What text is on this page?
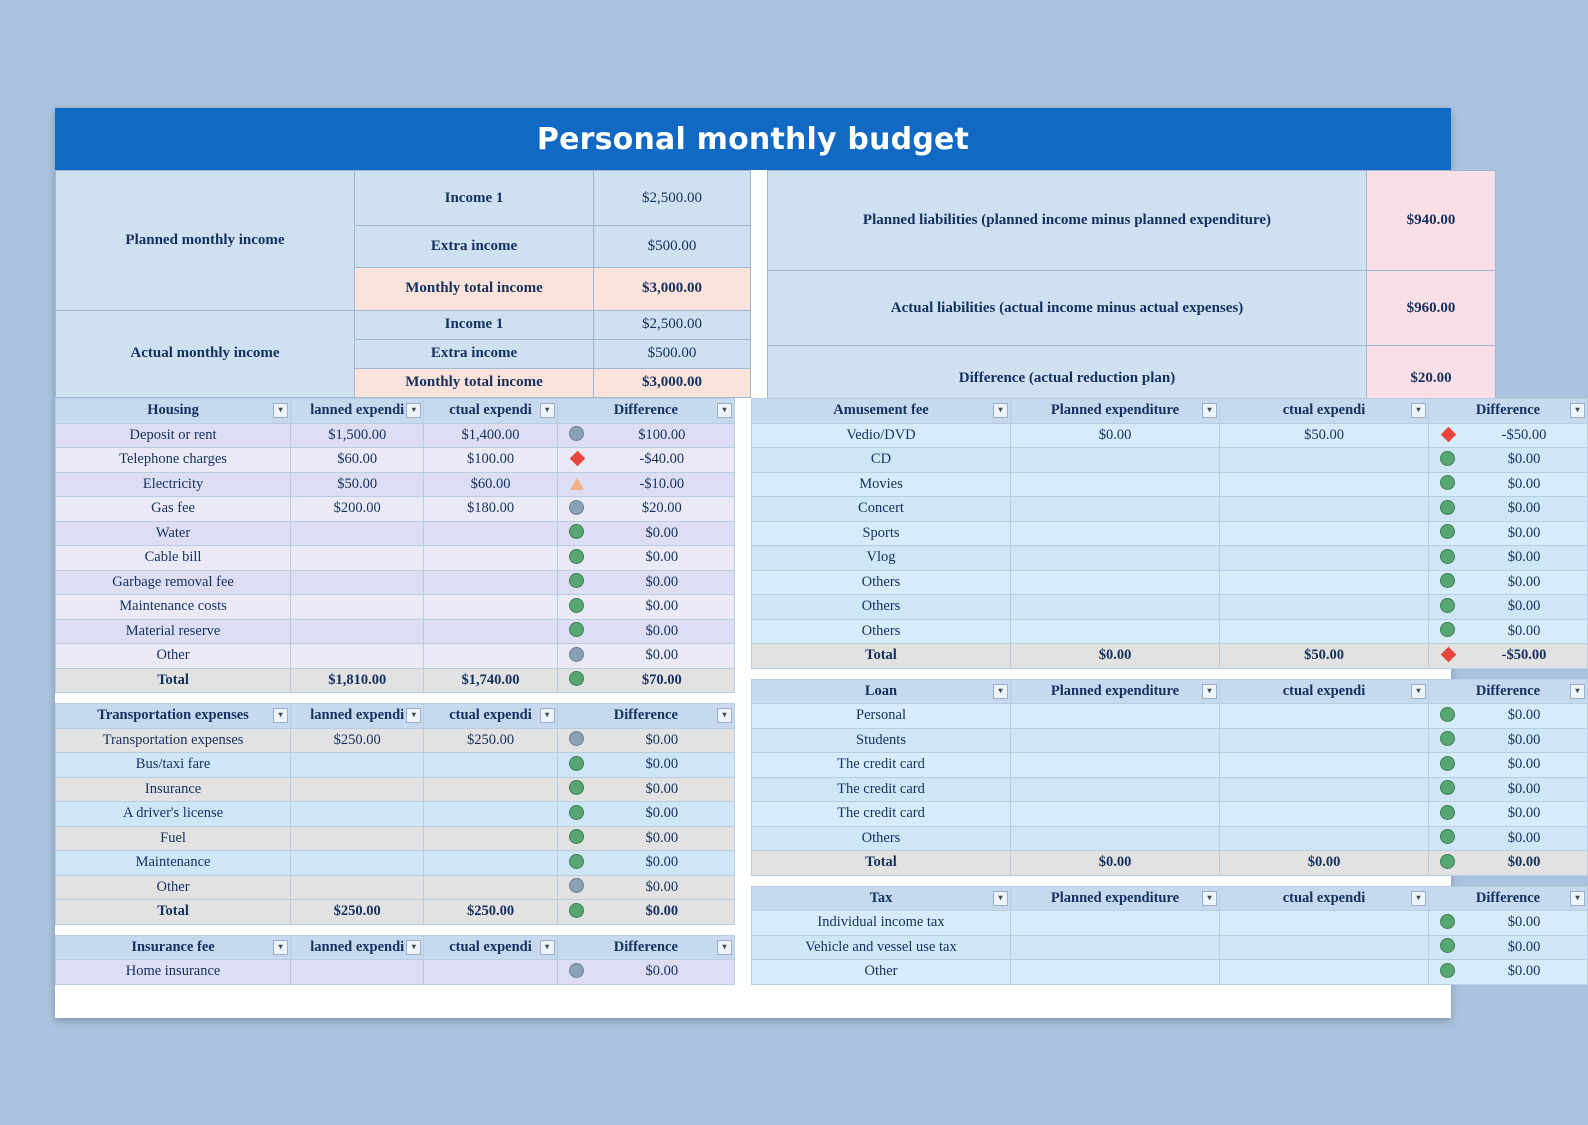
Personal monthly budget
Planned monthly income	Income 1	$2,500.00
	Extra income	$500.00
	Monthly total income	$3,000.00
Actual monthly income	Income 1	$2,500.00
	Extra income	$500.00
	Monthly total income	$3,000.00
Planned liabilities (planned income minus planned expenditure)	$940.00
Actual liabilities (actual income minus actual expenses)	$960.00
Difference (actual reduction plan)	$20.00
Housing ▾	lanned expendi ▾	ctual expendi ▾	Difference ▾

Deposit or rent	$1,500.00	$1,400.00	$100.00

Telephone charges	$60.00	$100.00	-$40.00

Electricity	$50.00	$60.00	-$10.00

Gas fee	$200.00	$180.00	$20.00

Water			$0.00

Cable bill			$0.00

Garbage removal fee			$0.00

Maintenance costs			$0.00

Material reserve			$0.00

Other			$0.00

Total	$1,810.00	$1,740.00	$70.00
Transportation expenses ▾	lanned expendi ▾	ctual expendi ▾	Difference ▾

Transportation expenses	$250.00	$250.00	$0.00

Bus/taxi fare			$0.00

Insurance			$0.00

A driver's license			$0.00

Fuel			$0.00

Maintenance			$0.00

Other			$0.00

Total	$250.00	$250.00	$0.00
Insurance fee ▾	lanned expendi ▾	ctual expendi ▾	Difference ▾

Home insurance			$0.00
Amusement fee ▾	Planned expenditure ▾	ctual expendi ▾	Difference ▾

Vedio/DVD	$0.00	$50.00	-$50.00

CD			$0.00

Movies			$0.00

Concert			$0.00

Sports			$0.00

Vlog			$0.00

Others			$0.00

Others			$0.00

Others			$0.00

Total	$0.00	$50.00	-$50.00
Loan ▾	Planned expenditure ▾	ctual expendi ▾	Difference ▾

Personal			$0.00

Students			$0.00

The credit card			$0.00

The credit card			$0.00

The credit card			$0.00

Others			$0.00

Total	$0.00	$0.00	$0.00
Tax ▾	Planned expenditure ▾	ctual expendi ▾	Difference ▾

Individual income tax			$0.00

Vehicle and vessel use tax			$0.00

Other			$0.00
